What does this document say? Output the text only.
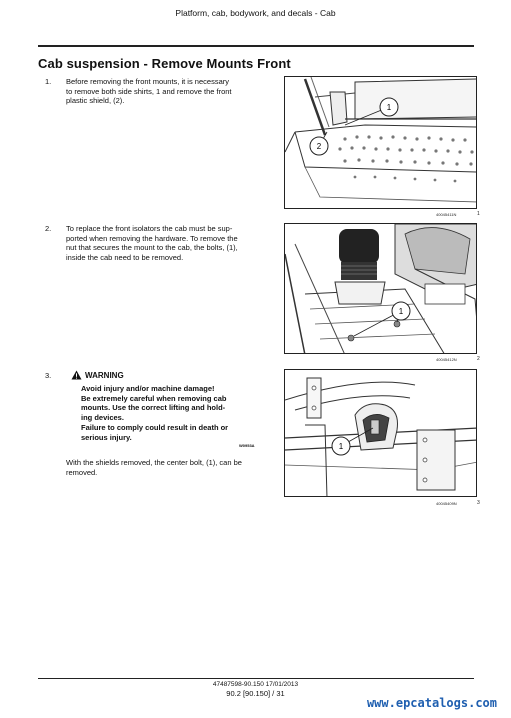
Platform, cab, bodywork, and decals - Cab
Cab suspension - Remove Mounts Front
1. Before removing the front mounts, it is necessary
to remove both side shirts, 1 and remove the front
plastic shield, (2).
1
2
40045411N	1
2. To replace the front isolators the cab must be sup-
ported when removing the hardware. To remove the
nut that secures the mount to the cab, the bolts, (1),
inside the cab need to be removed.
1
40045412N	2
3.	WARNING
Avoid injury and/or machine damage!
Be extremely careful when removing cab
mounts. Use the correct lifting and hold-
ing devices.
Failure to comply could result in death or
serious injury.
W0953A
With the shields removed, the center bolt, (1), can be
removed.
1
40045409N	3
47487598-90.150 17/01/2013
90.2 [90.150] / 31
www.epcatalogs.com
